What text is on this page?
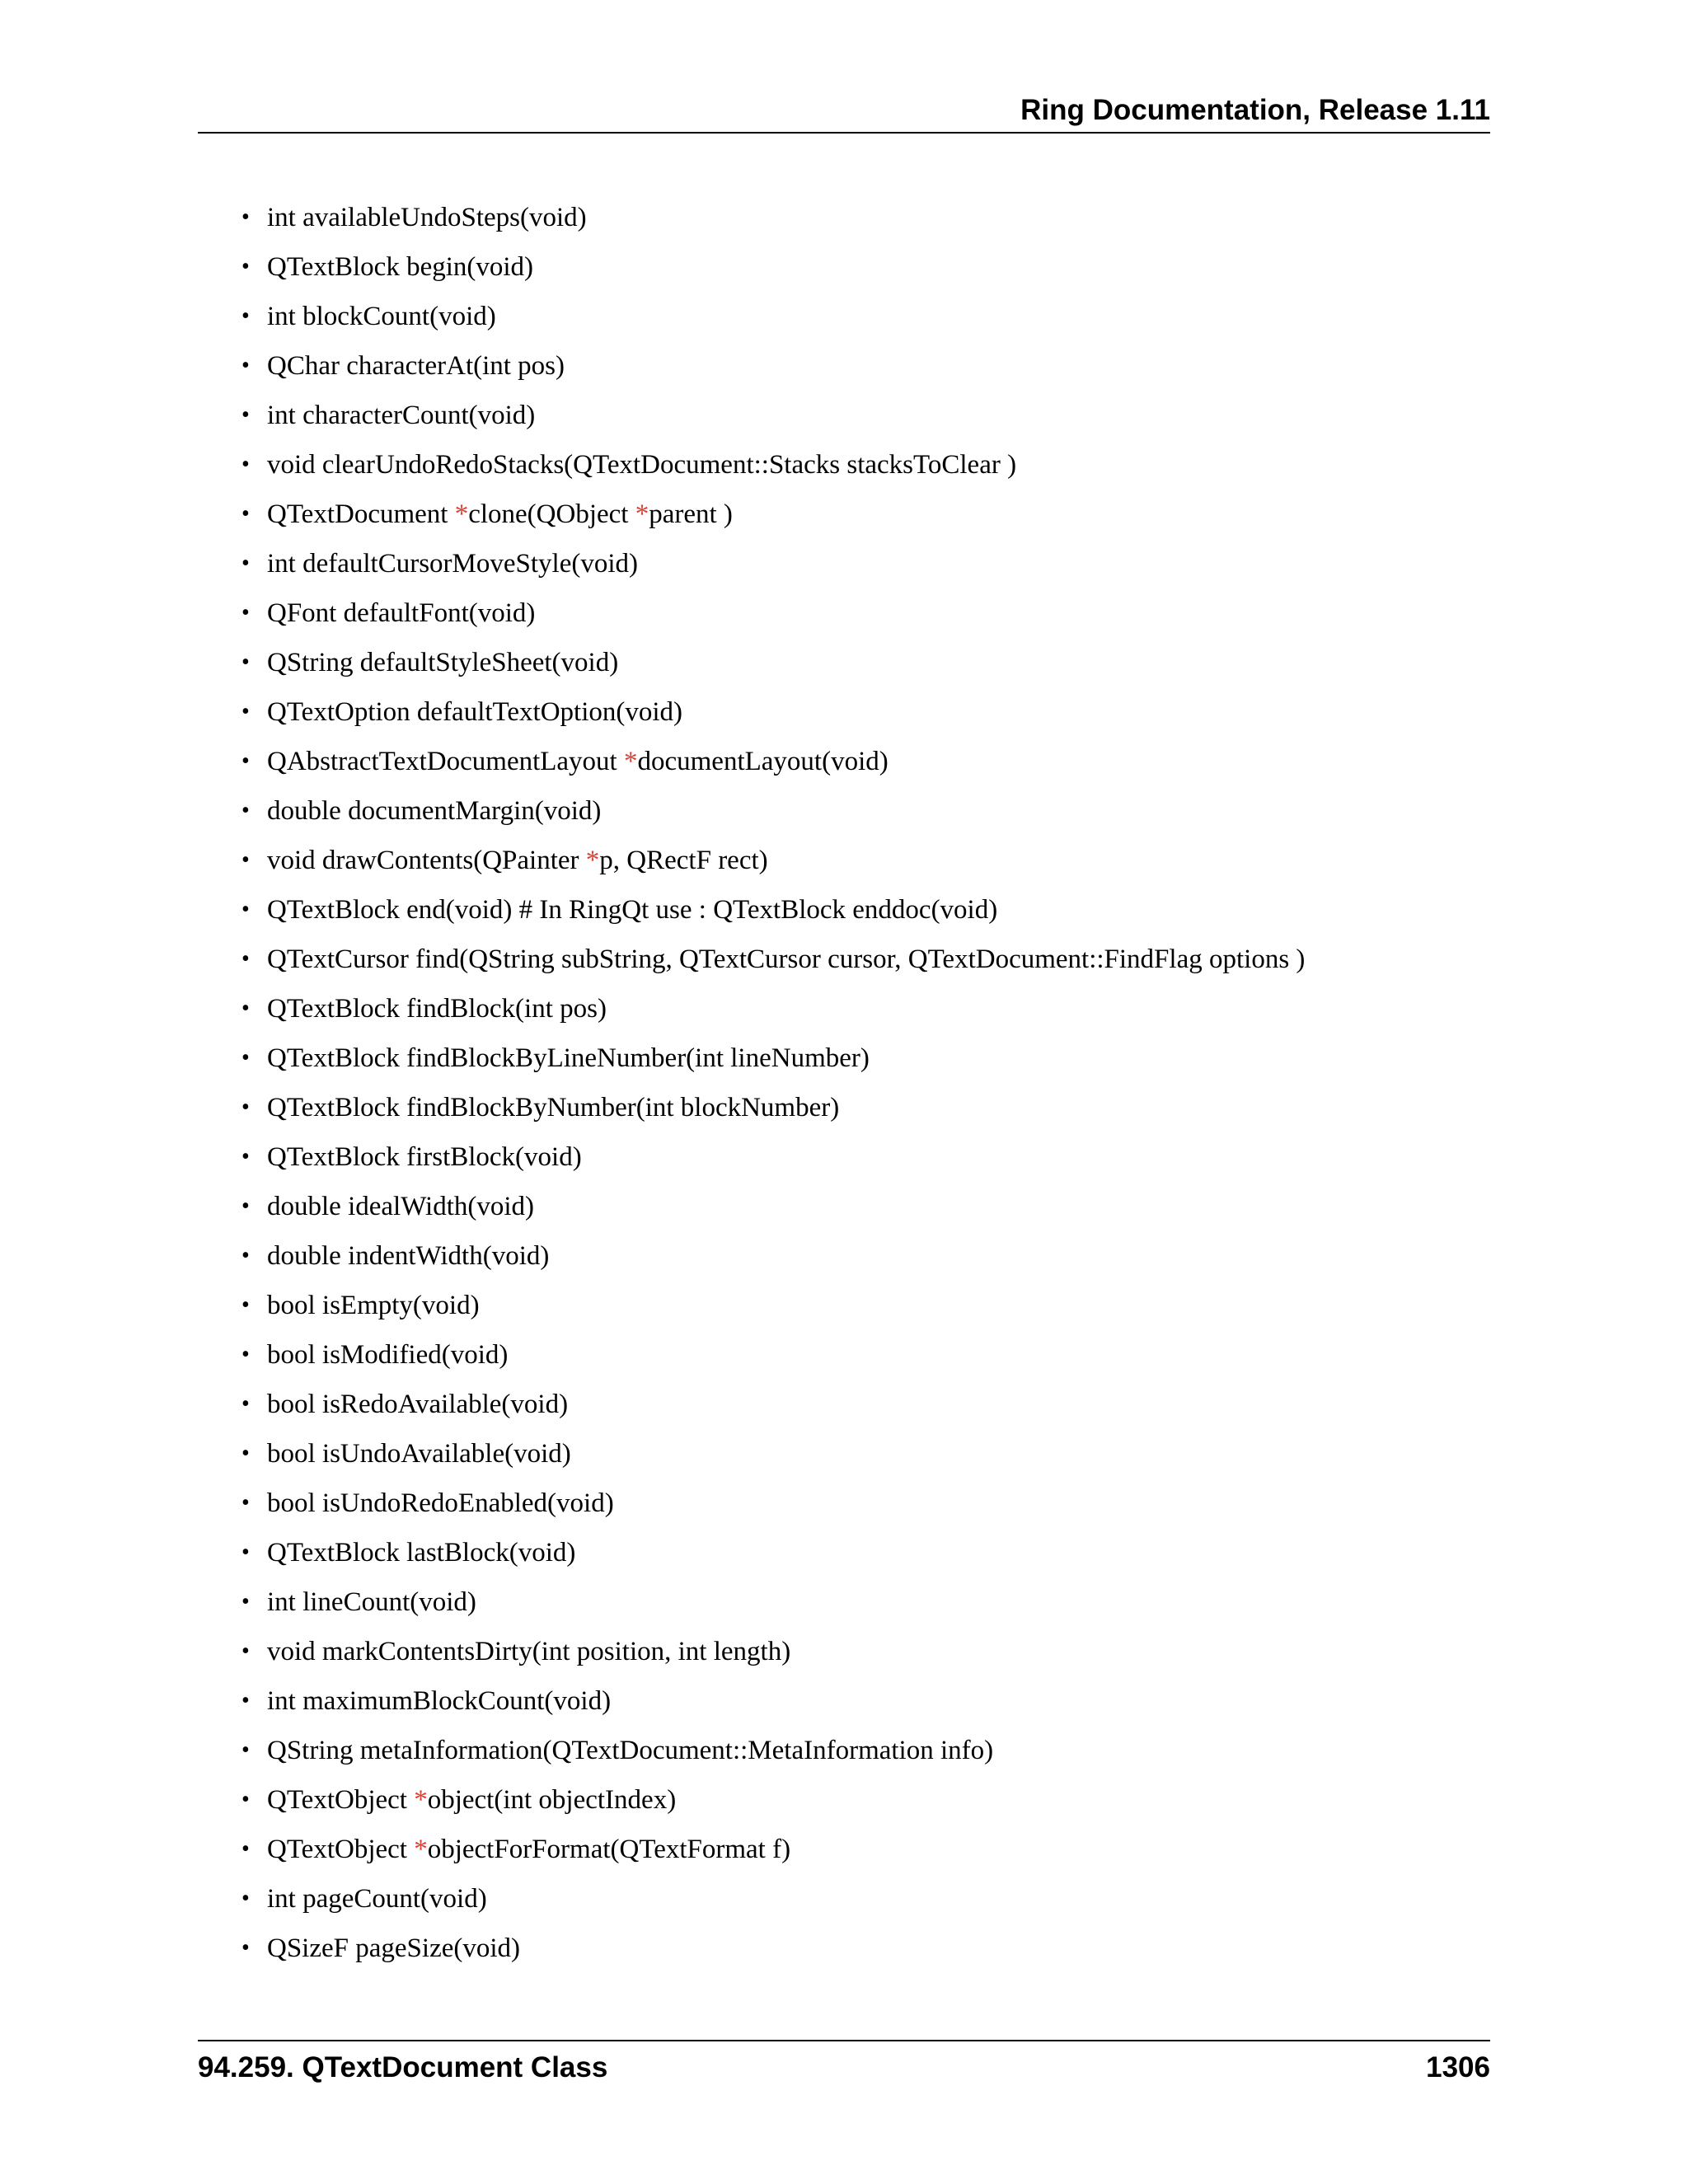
Ring Documentation, Release 1.11
• int availableUndoSteps(void)
• QTextBlock begin(void)
• int blockCount(void)
• QChar characterAt(int pos)
• int characterCount(void)
• void clearUndoRedoStacks(QTextDocument::Stacks stacksToClear )
• QTextDocument *clone(QObject *parent )
• int defaultCursorMoveStyle(void)
• QFont defaultFont(void)
• QString defaultStyleSheet(void)
• QTextOption defaultTextOption(void)
• QAbstractTextDocumentLayout *documentLayout(void)
• double documentMargin(void)
• void drawContents(QPainter *p, QRectF rect)
• QTextBlock end(void) # In RingQt use : QTextBlock enddoc(void)
• QTextCursor find(QString subString, QTextCursor cursor, QTextDocument::FindFlag options )
• QTextBlock findBlock(int pos)
• QTextBlock findBlockByLineNumber(int lineNumber)
• QTextBlock findBlockByNumber(int blockNumber)
• QTextBlock firstBlock(void)
• double idealWidth(void)
• double indentWidth(void)
• bool isEmpty(void)
• bool isModified(void)
• bool isRedoAvailable(void)
• bool isUndoAvailable(void)
• bool isUndoRedoEnabled(void)
• QTextBlock lastBlock(void)
• int lineCount(void)
• void markContentsDirty(int position, int length)
• int maximumBlockCount(void)
• QString metaInformation(QTextDocument::MetaInformation info)
• QTextObject *object(int objectIndex)
• QTextObject *objectForFormat(QTextFormat f)
• int pageCount(void)
• QSizeF pageSize(void)
94.259. QTextDocument Class	1306
